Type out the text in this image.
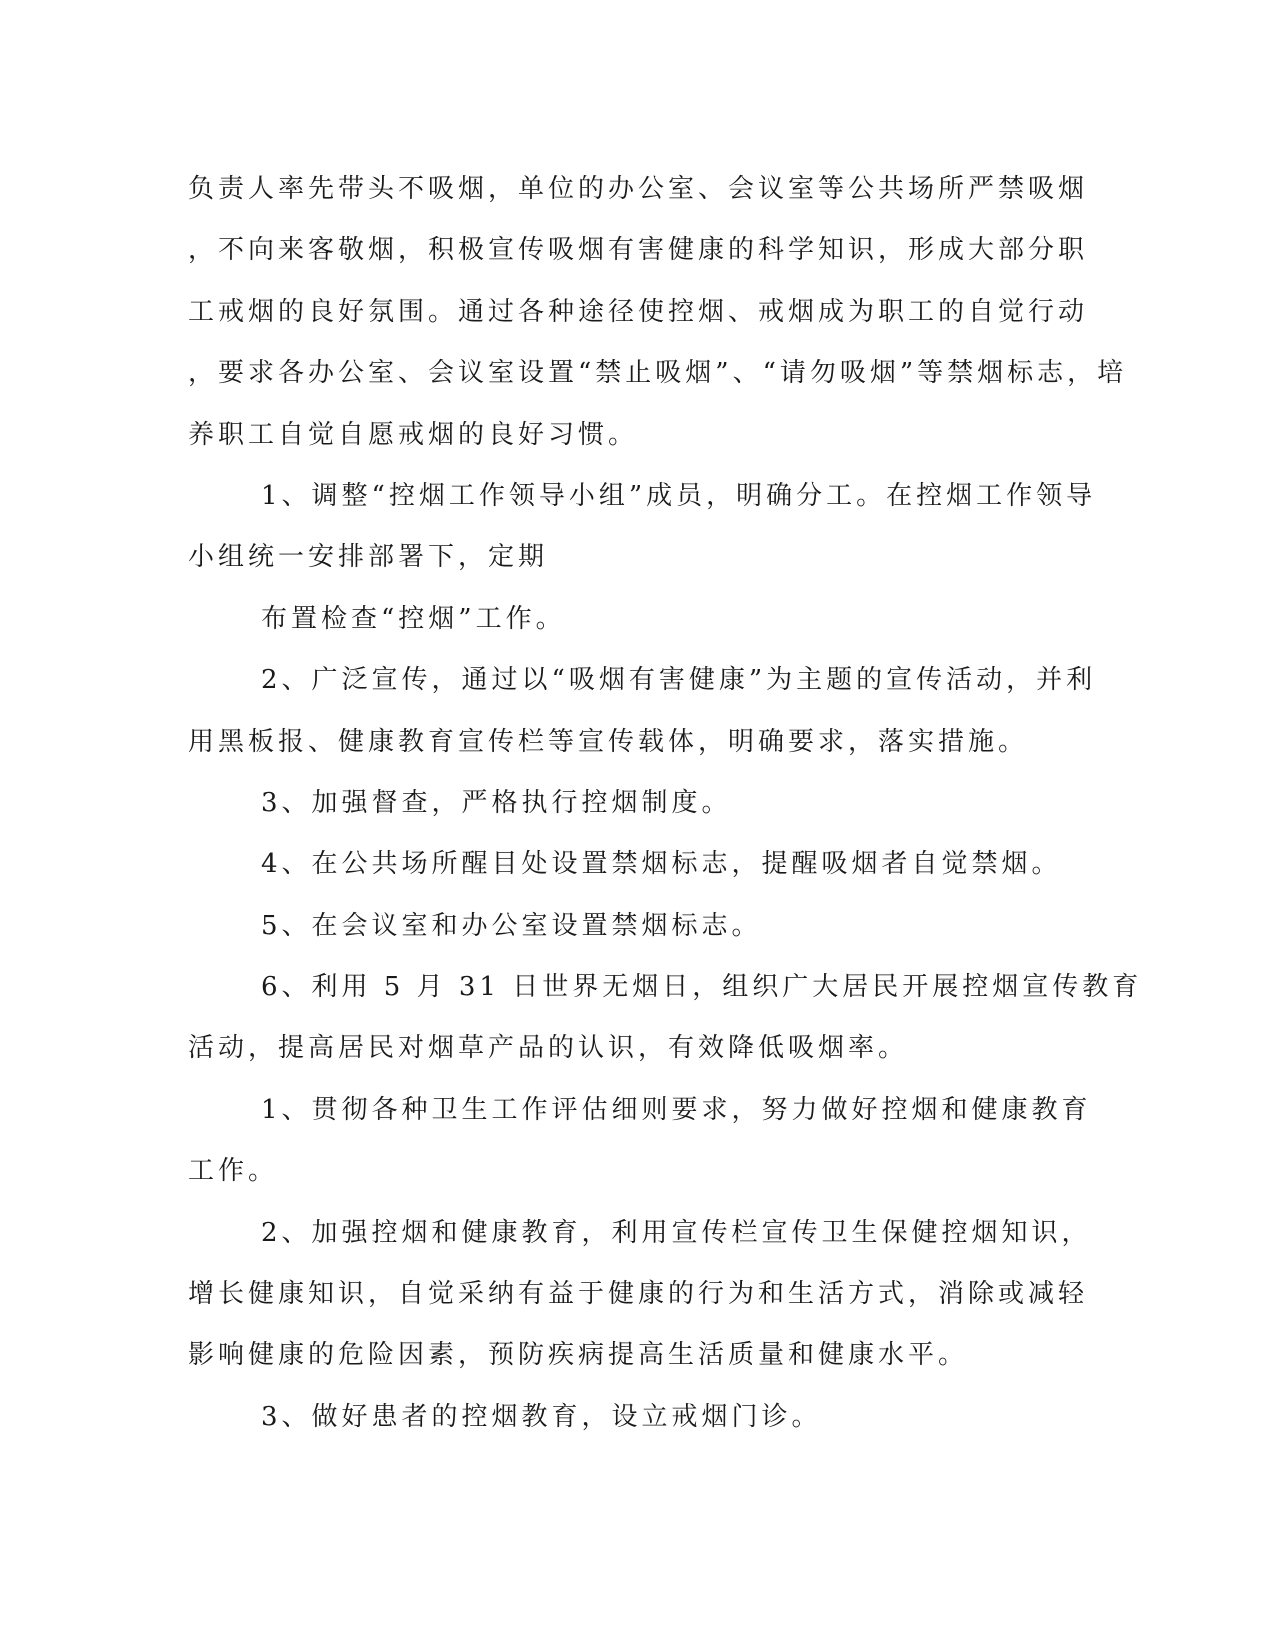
负责人率先带头不吸烟，单位的办公室、会议室等公共场所严禁吸烟
，不向来客敬烟，积极宣传吸烟有害健康的科学知识，形成大部分职
工戒烟的良好氛围。通过各种途径使控烟、戒烟成为职工的自觉行动
，要求各办公室、会议室设置“禁止吸烟”、“请勿吸烟”等禁烟标志，培
养职工自觉自愿戒烟的良好习惯。
1、调整“控烟工作领导小组”成员，明确分工。在控烟工作领导
小组统一安排部署下，定期
布置检查“控烟”工作。
2、广泛宣传，通过以“吸烟有害健康”为主题的宣传活动，并利
用黑板报、健康教育宣传栏等宣传载体，明确要求，落实措施。
3、加强督查，严格执行控烟制度。
4、在公共场所醒目处设置禁烟标志，提醒吸烟者自觉禁烟。
5、在会议室和办公室设置禁烟标志。
6、利用 5 月 31 日世界无烟日，组织广大居民开展控烟宣传教育
活动，提高居民对烟草产品的认识，有效降低吸烟率。
1、贯彻各种卫生工作评估细则要求，努力做好控烟和健康教育
工作。
2、加强控烟和健康教育，利用宣传栏宣传卫生保健控烟知识，
增长健康知识，自觉采纳有益于健康的行为和生活方式，消除或减轻
影响健康的危险因素，预防疾病提高生活质量和健康水平。
3、做好患者的控烟教育，设立戒烟门诊。
